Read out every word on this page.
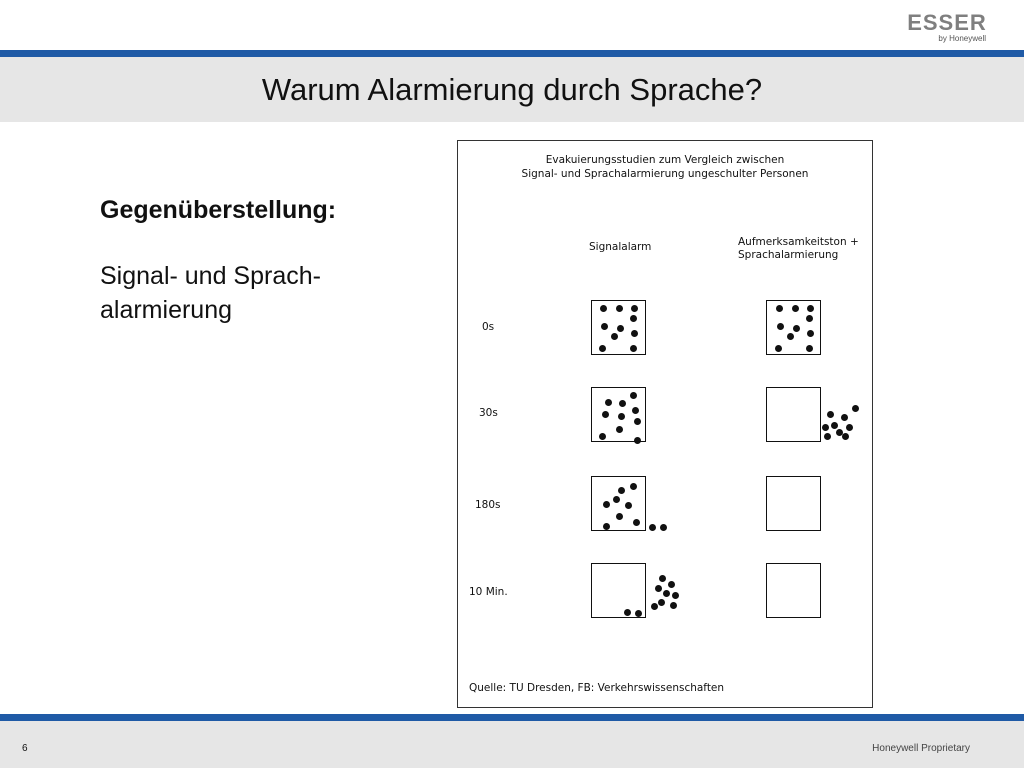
ESSER
by Honeywell
Warum Alarmierung durch Sprache?
Gegenüberstellung:
Signal- und Sprach-
alarmierung
Evakuierungsstudien zum Vergleich zwischen
Signal- und Sprachalarmierung ungeschulter Personen
Signalalarm	Aufmerksamkeitston +
Sprachalarmierung
0s
30s
180s
10 Min.
Quelle: TU Dresden, FB: Verkehrswissenschaften
6	Honeywell Proprietary
